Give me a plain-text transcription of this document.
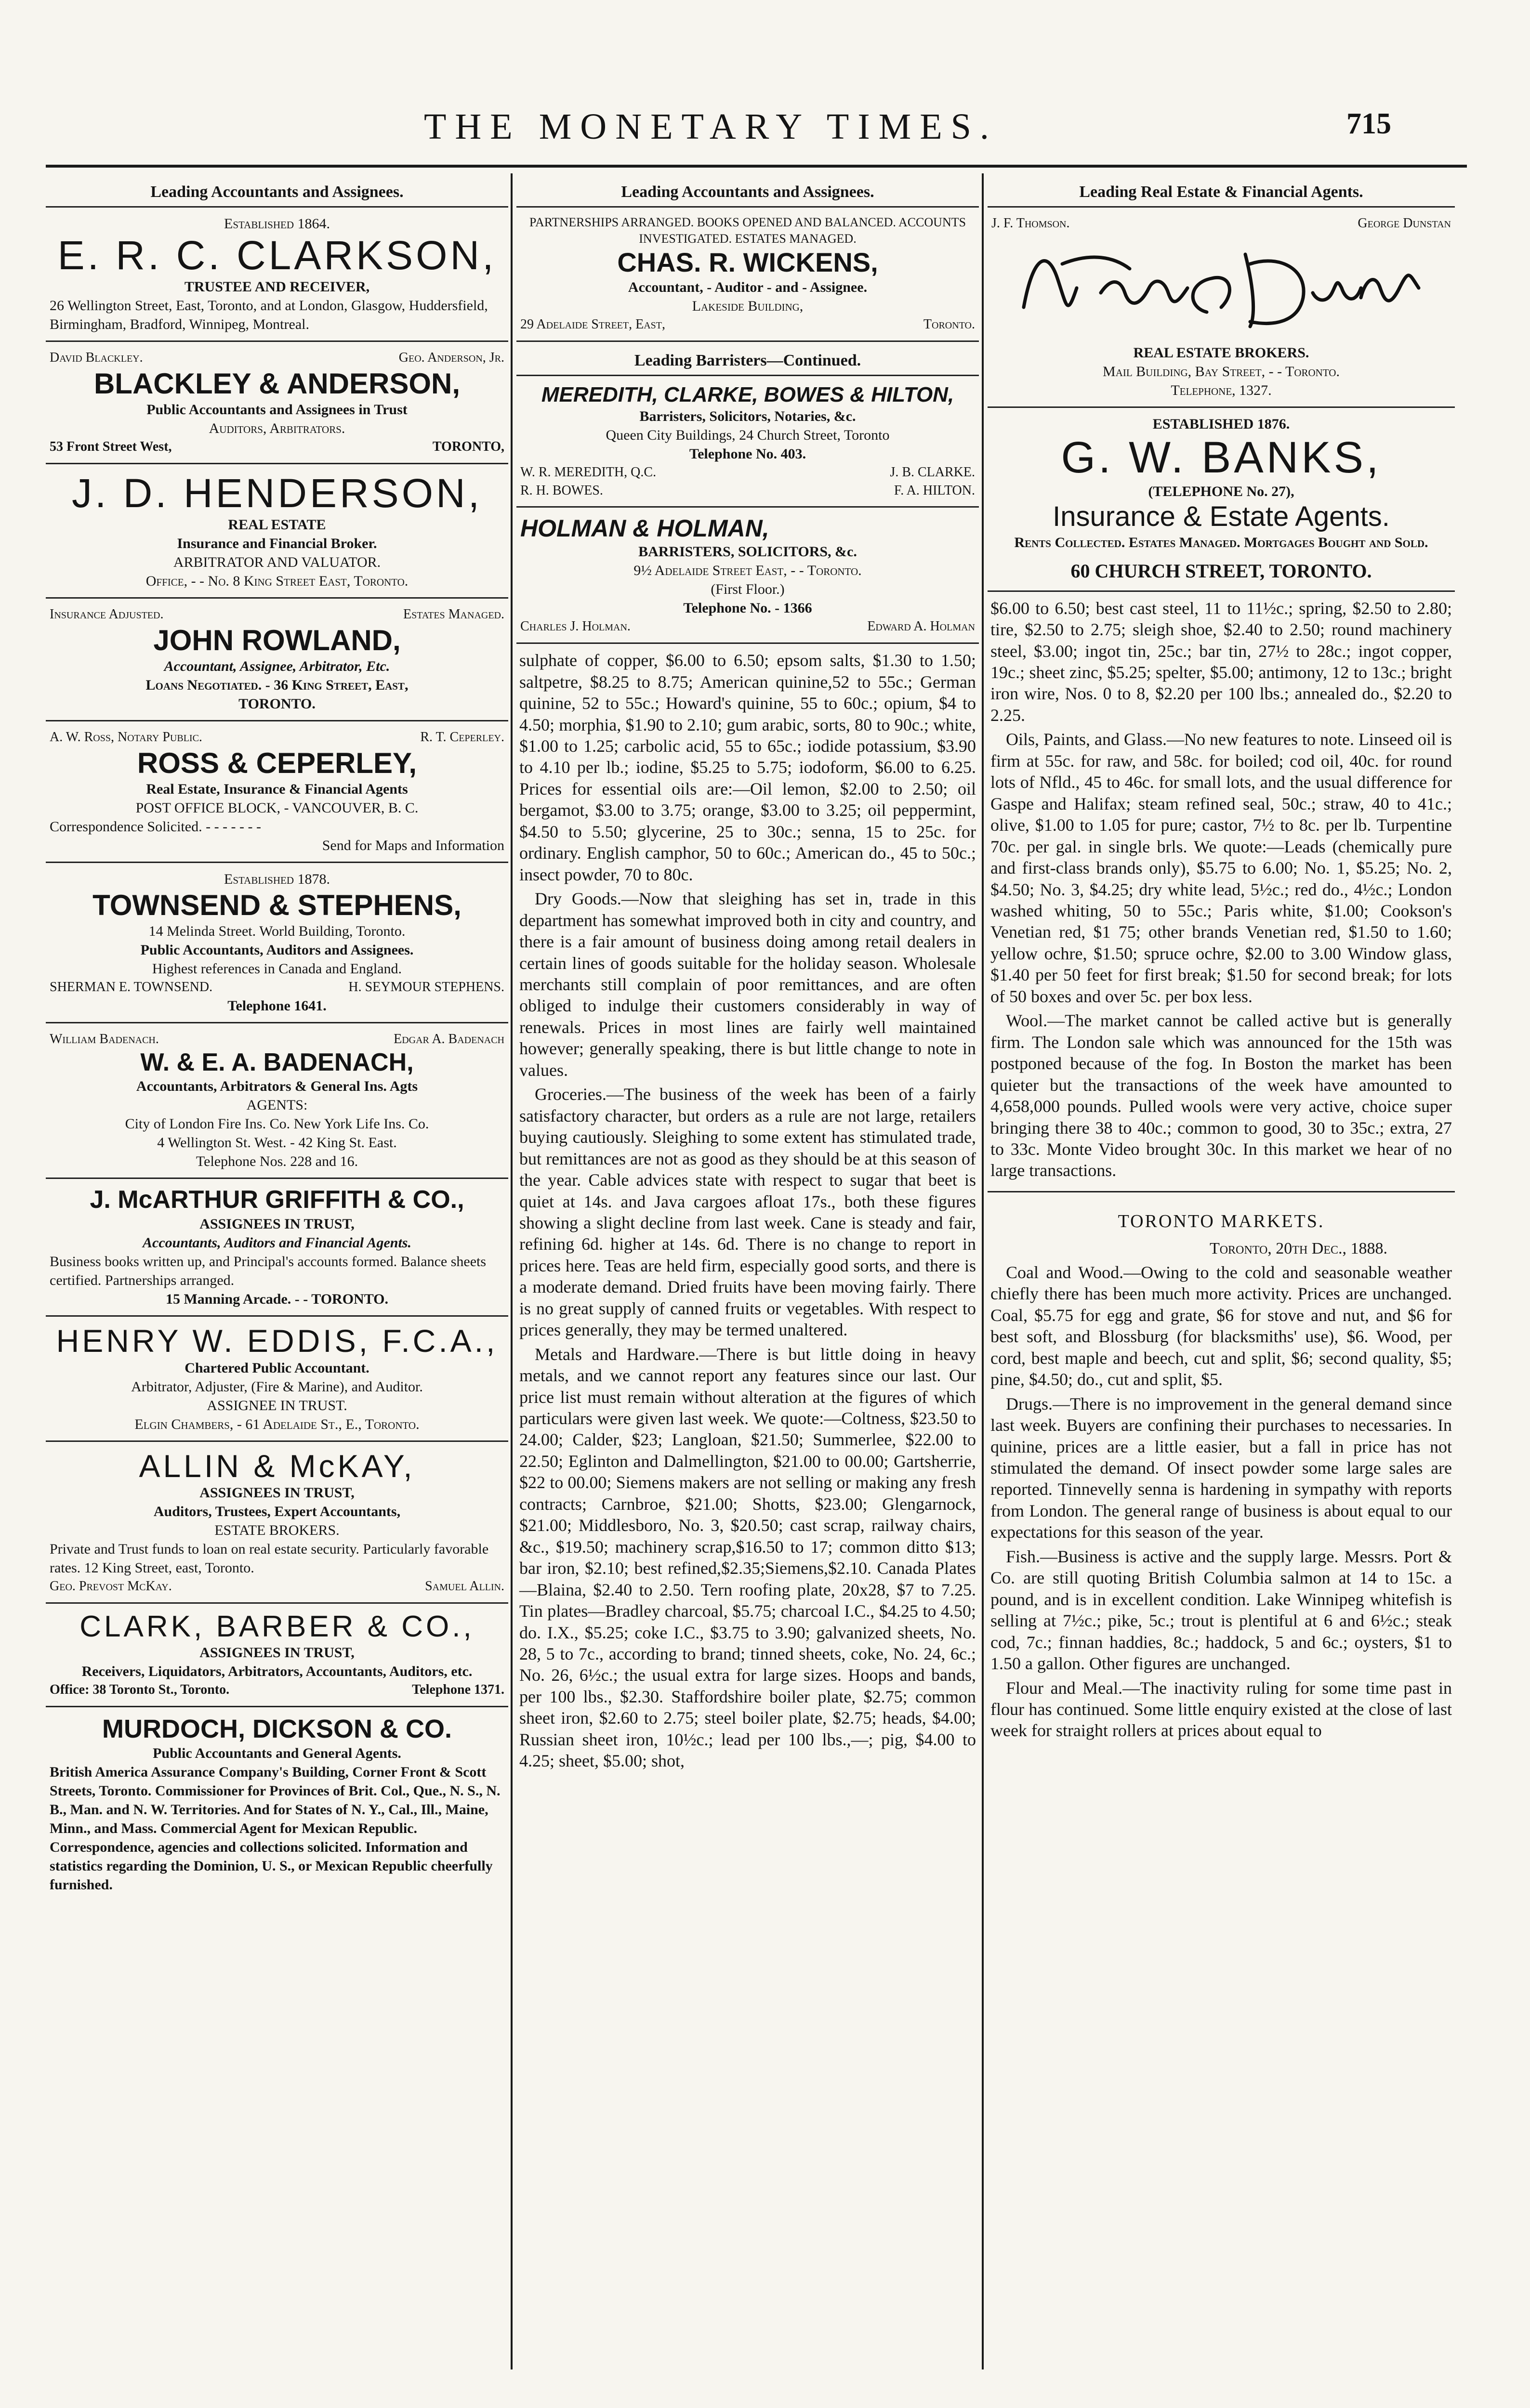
THE MONETARY TIMES.	715
Leading Accountants and Assignees.
Established 1864.
E. R. C. CLARKSON,
TRUSTEE AND RECEIVER,
26 Wellington Street, East, Toronto, and at London, Glasgow, Huddersfield, Birmingham, Bradford, Winnipeg, Montreal.
David Blackley.	Geo. Anderson, Jr.
BLACKLEY & ANDERSON,
Public Accountants and Assignees in Trust
Auditors, Arbitrators.
53 Front Street West,	TORONTO,
J. D. HENDERSON,
REAL ESTATE
Insurance and Financial Broker.
ARBITRATOR AND VALUATOR.
Office, - - No. 8 King Street East, Toronto.
Insurance Adjusted.	Estates Managed.
JOHN ROWLAND,
Accountant, Assignee, Arbitrator, Etc.
Loans Negotiated. - 36 King Street, East,
TORONTO.
A. W. Ross, Notary Public.	R. T. Ceperley.
ROSS & CEPERLEY,
Real Estate, Insurance & Financial Agents
POST OFFICE BLOCK, - VANCOUVER, B. C.
Correspondence Solicited. - - - - - - -
Send for Maps and Information
Established 1878.
TOWNSEND & STEPHENS,
14 Melinda Street. World Building, Toronto.
Public Accountants, Auditors and Assignees.
Highest references in Canada and England.
SHERMAN E. TOWNSEND.	H. SEYMOUR STEPHENS.
Telephone 1641.
William Badenach.	Edgar A. Badenach
W. & E. A. BADENACH,
Accountants, Arbitrators & General Ins. Agts
AGENTS:
City of London Fire Ins. Co. New York Life Ins. Co.
4 Wellington St. West. - 42 King St. East.
Telephone Nos. 228 and 16.
J. McARTHUR GRIFFITH & CO.,
ASSIGNEES IN TRUST,
Accountants, Auditors and Financial Agents.
Business books written up, and Principal's accounts formed. Balance sheets certified. Partnerships arranged.
15 Manning Arcade. - - TORONTO.
HENRY W. EDDIS, F.C.A.,
Chartered Public Accountant.
Arbitrator, Adjuster, (Fire & Marine), and Auditor.
ASSIGNEE IN TRUST.
Elgin Chambers, - 61 Adelaide St., E., Toronto.
ALLIN & McKAY,
ASSIGNEES IN TRUST,
Auditors, Trustees, Expert Accountants,
ESTATE BROKERS.
Private and Trust funds to loan on real estate security. Particularly favorable rates. 12 King Street, east, Toronto.
Geo. Prevost McKay.	Samuel Allin.
CLARK, BARBER & CO.,
ASSIGNEES IN TRUST,
Receivers, Liquidators, Arbitrators, Accountants, Auditors, etc.
Office: 38 Toronto St., Toronto.	Telephone 1371.
MURDOCH, DICKSON & CO.
Public Accountants and General Agents.
British America Assurance Company's Building, Corner Front & Scott Streets, Toronto. Commissioner for Provinces of Brit. Col., Que., N. S., N. B., Man. and N. W. Territories. And for States of N. Y., Cal., Ill., Maine, Minn., and Mass. Commercial Agent for Mexican Republic. Correspondence, agencies and collections solicited. Information and statistics regarding the Dominion, U. S., or Mexican Republic cheerfully furnished.
Leading Accountants and Assignees.
PARTNERSHIPS ARRANGED. BOOKS OPENED AND BALANCED. ACCOUNTS INVESTIGATED. ESTATES MANAGED.
CHAS. R. WICKENS,
Accountant, - Auditor - and - Assignee.
Lakeside Building,
29 Adelaide Street, East,	Toronto.
Leading Barristers—Continued.
MEREDITH, CLARKE, BOWES & HILTON,
Barristers, Solicitors, Notaries, &c.
Queen City Buildings, 24 Church Street, Toronto
Telephone No. 403.
W. R. MEREDITH, Q.C.	J. B. CLARKE.
R. H. BOWES.	F. A. HILTON.
HOLMAN & HOLMAN,
BARRISTERS, SOLICITORS, &c.
9½ Adelaide Street East, - - Toronto.
(First Floor.)
Telephone No. - 1366
Charles J. Holman.	Edward A. Holman

sulphate of copper, $6.00 to 6.50; epsom salts, $1.30 to 1.50; saltpetre, $8.25 to 8.75; American quinine,52 to 55c.; German quinine, 52 to 55c.; Howard's quinine, 55 to 60c.; opium, $4 to 4.50; morphia, $1.90 to 2.10; gum arabic, sorts, 80 to 90c.; white, $1.00 to 1.25; carbolic acid, 55 to 65c.; iodide potassium, $3.90 to 4.10 per lb.; iodine, $5.25 to 5.75; iodoform, $6.00 to 6.25. Prices for essential oils are:—Oil lemon, $2.00 to 2.50; oil bergamot, $3.00 to 3.75; orange, $3.00 to 3.25; oil peppermint, $4.50 to 5.50; glycerine, 25 to 30c.; senna, 15 to 25c. for ordinary. English camphor, 50 to 60c.; American do., 45 to 50c.; insect powder, 70 to 80c.

Dry Goods.—Now that sleighing has set in, trade in this department has somewhat improved both in city and country, and there is a fair amount of business doing among retail dealers in certain lines of goods suitable for the holiday season. Wholesale merchants still complain of poor remittances, and are often obliged to indulge their customers considerably in way of renewals. Prices in most lines are fairly well maintained however; generally speaking, there is but little change to note in values.

Groceries.—The business of the week has been of a fairly satisfactory character, but orders as a rule are not large, retailers buying cautiously. Sleighing to some extent has stimulated trade, but remittances are not as good as they should be at this season of the year. Cable advices state with respect to sugar that beet is quiet at 14s. and Java cargoes afloat 17s., both these figures showing a slight decline from last week. Cane is steady and fair, refining 6d. higher at 14s. 6d. There is no change to report in prices here. Teas are held firm, especially good sorts, and there is a moderate demand. Dried fruits have been moving fairly. There is no great supply of canned fruits or vegetables. With respect to prices generally, they may be termed unaltered.

Metals and Hardware.—There is but little doing in heavy metals, and we cannot report any features since our last. Our price list must remain without alteration at the figures of which particulars were given last week. We quote:—Coltness, $23.50 to 24.00; Calder, $23; Langloan, $21.50; Summerlee, $22.00 to 22.50; Eglinton and Dalmellington, $21.00 to 00.00; Gartsherrie, $22 to 00.00; Siemens makers are not selling or making any fresh contracts; Carnbroe, $21.00; Shotts, $23.00; Glengarnock, $21.00; Middlesboro, No. 3, $20.50; cast scrap, railway chairs, &c., $19.50; machinery scrap,$16.50 to 17; common ditto $13; bar iron, $2.10; best refined,$2.35;Siemens,$2.10. Canada Plates—Blaina, $2.40 to 2.50. Tern roofing plate, 20x28, $7 to 7.25. Tin plates—Bradley charcoal, $5.75; charcoal I.C., $4.25 to 4.50; do. I.X., $5.25; coke I.C., $3.75 to 3.90; galvanized sheets, No. 28, 5 to 7c., according to brand; tinned sheets, coke, No. 24, 6c.; No. 26, 6½c.; the usual extra for large sizes. Hoops and bands, per 100 lbs., $2.30. Staffordshire boiler plate, $2.75; common sheet iron, $2.60 to 2.75; steel boiler plate, $2.75; heads, $4.00; Russian sheet iron, 10½c.; lead per 100 lbs.,—; pig, $4.00 to 4.25; sheet, $5.00; shot,

Leading Real Estate & Financial Agents.
J. F. Thomson.	George Dunstan
REAL ESTATE BROKERS.
Mail Building, Bay Street, - - Toronto.
Telephone, 1327.
ESTABLISHED 1876.
G. W. BANKS,
(TELEPHONE No. 27),
Insurance & Estate Agents.
Rents Collected. Estates Managed. Mortgages Bought and Sold.
60 CHURCH STREET, TORONTO.

$6.00 to 6.50; best cast steel, 11 to 11½c.; spring, $2.50 to 2.80; tire, $2.50 to 2.75; sleigh shoe, $2.40 to 2.50; round machinery steel, $3.00; ingot tin, 25c.; bar tin, 27½ to 28c.; ingot copper, 19c.; sheet zinc, $5.25; spelter, $5.00; antimony, 12 to 13c.; bright iron wire, Nos. 0 to 8, $2.20 per 100 lbs.; annealed do., $2.20 to 2.25.

Oils, Paints, and Glass.—No new features to note. Linseed oil is firm at 55c. for raw, and 58c. for boiled; cod oil, 40c. for round lots of Nfld., 45 to 46c. for small lots, and the usual difference for Gaspe and Halifax; steam refined seal, 50c.; straw, 40 to 41c.; olive, $1.00 to 1.05 for pure; castor, 7½ to 8c. per lb. Turpentine 70c. per gal. in single brls. We quote:—Leads (chemically pure and first-class brands only), $5.75 to 6.00; No. 1, $5.25; No. 2, $4.50; No. 3, $4.25; dry white lead, 5½c.; red do., 4½c.; London washed whiting, 50 to 55c.; Paris white, $1.00; Cookson's Venetian red, $1 75; other brands Venetian red, $1.50 to 1.60; yellow ochre, $1.50; spruce ochre, $2.00 to 3.00 Window glass, $1.40 per 50 feet for first break; $1.50 for second break; for lots of 50 boxes and over 5c. per box less.

Wool.—The market cannot be called active but is generally firm. The London sale which was announced for the 15th was postponed because of the fog. In Boston the market has been quieter but the transactions of the week have amounted to 4,658,000 pounds. Pulled wools were very active, choice super bringing there 38 to 40c.; common to good, 30 to 35c.; extra, 27 to 33c. Monte Video brought 30c. In this market we hear of no large transactions.

TORONTO MARKETS.
Toronto, 20th Dec., 1888.

Coal and Wood.—Owing to the cold and seasonable weather chiefly there has been much more activity. Prices are unchanged. Coal, $5.75 for egg and grate, $6 for stove and nut, and $6 for best soft, and Blossburg (for blacksmiths' use), $6. Wood, per cord, best maple and beech, cut and split, $6; second quality, $5; pine, $4.50; do., cut and split, $5.

Drugs.—There is no improvement in the general demand since last week. Buyers are confining their purchases to necessaries. In quinine, prices are a little easier, but a fall in price has not stimulated the demand. Of insect powder some large sales are reported. Tinnevelly senna is hardening in sympathy with reports from London. The general range of business is about equal to our expectations for this season of the year.

Fish.—Business is active and the supply large. Messrs. Port & Co. are still quoting British Columbia salmon at 14 to 15c. a pound, and is in excellent condition. Lake Winnipeg whitefish is selling at 7½c.; pike, 5c.; trout is plentiful at 6 and 6½c.; steak cod, 7c.; finnan haddies, 8c.; haddock, 5 and 6c.; oysters, $1 to 1.50 a gallon. Other figures are unchanged.

Flour and Meal.—The inactivity ruling for some time past in flour has continued. Some little enquiry existed at the close of last week for straight rollers at prices about equal to
